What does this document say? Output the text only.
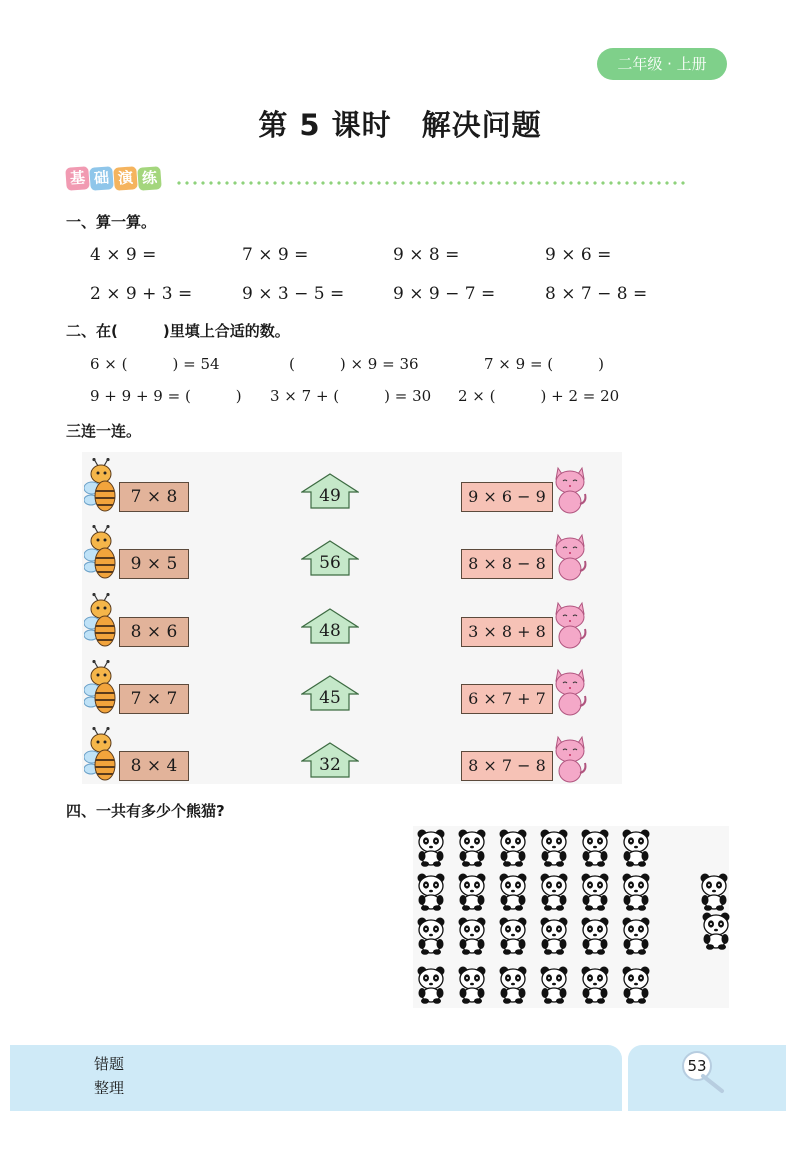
二年级 · 上册
第 5 课时　解决问题
基 础 演 练
一、算一算。
4 × 9 =	7 × 9 =	9 × 8 =	9 × 6 =
2 × 9 + 3 =	9 × 3 − 5 =	9 × 9 − 7 =	8 × 7 − 8 =
二、在(　　　)里填上合适的数。
6 × (　　　) = 54	(　　　) × 9 = 36	7 × 9 = (　　　)
9 + 9 + 9 = (　　　) 3 × 7 + (　　　) = 30 2 × (　　　) + 2 = 20
三连一连。
7 × 8	49	9 × 6 − 9
9 × 5	56	8 × 8 − 8
8 × 6	48	3 × 8 + 8
7 × 7	45	6 × 7 + 7
8 × 4	32	8 × 7 − 8
四、一共有多少个熊猫?
错题
整理
53
